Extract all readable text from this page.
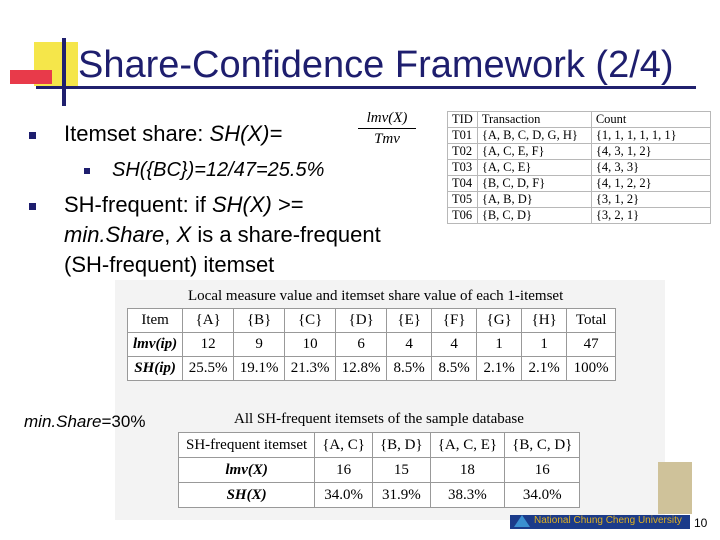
Share-Confidence Framework (2/4)
Itemset share: SH(X)=
lmv(X)
Tmv
SH({BC})=12/47=25.5%
SH-frequent: if SH(X) >=
min.Share, X is a share-frequent
(SH-frequent) itemset
TID	Transaction	Count
T01	{A, B, C, D, G, H}	{1, 1, 1, 1, 1, 1}
T02	{A, C, E, F}	{4, 3, 1, 2}
T03	{A, C, E}	{4, 3, 3}
T04	{B, C, D, F}	{4, 1, 2, 2}
T05	{A, B, D}	{3, 1, 2}
T06	{B, C, D}	{3, 2, 1}
Local measure value and itemset share value of each 1-itemset
Item	{A}	{B}	{C}	{D}	{E}	{F}	{G}	{H}	Total
lmv(ip)	12	9	10	6	4	4	1	1	47
SH(ip)	25.5%	19.1%	21.3%	12.8%	8.5%	8.5%	2.1%	2.1%	100%
min.Share=30%	All SH-frequent itemsets of the sample database
SH-frequent itemset	{A, C}	{B, D}	{A, C, E}	{B, C, D}
lmv(X)	16	15	18	16
SH(X)	34.0%	31.9%	38.3%	34.0%
National Chung Cheng University 10
